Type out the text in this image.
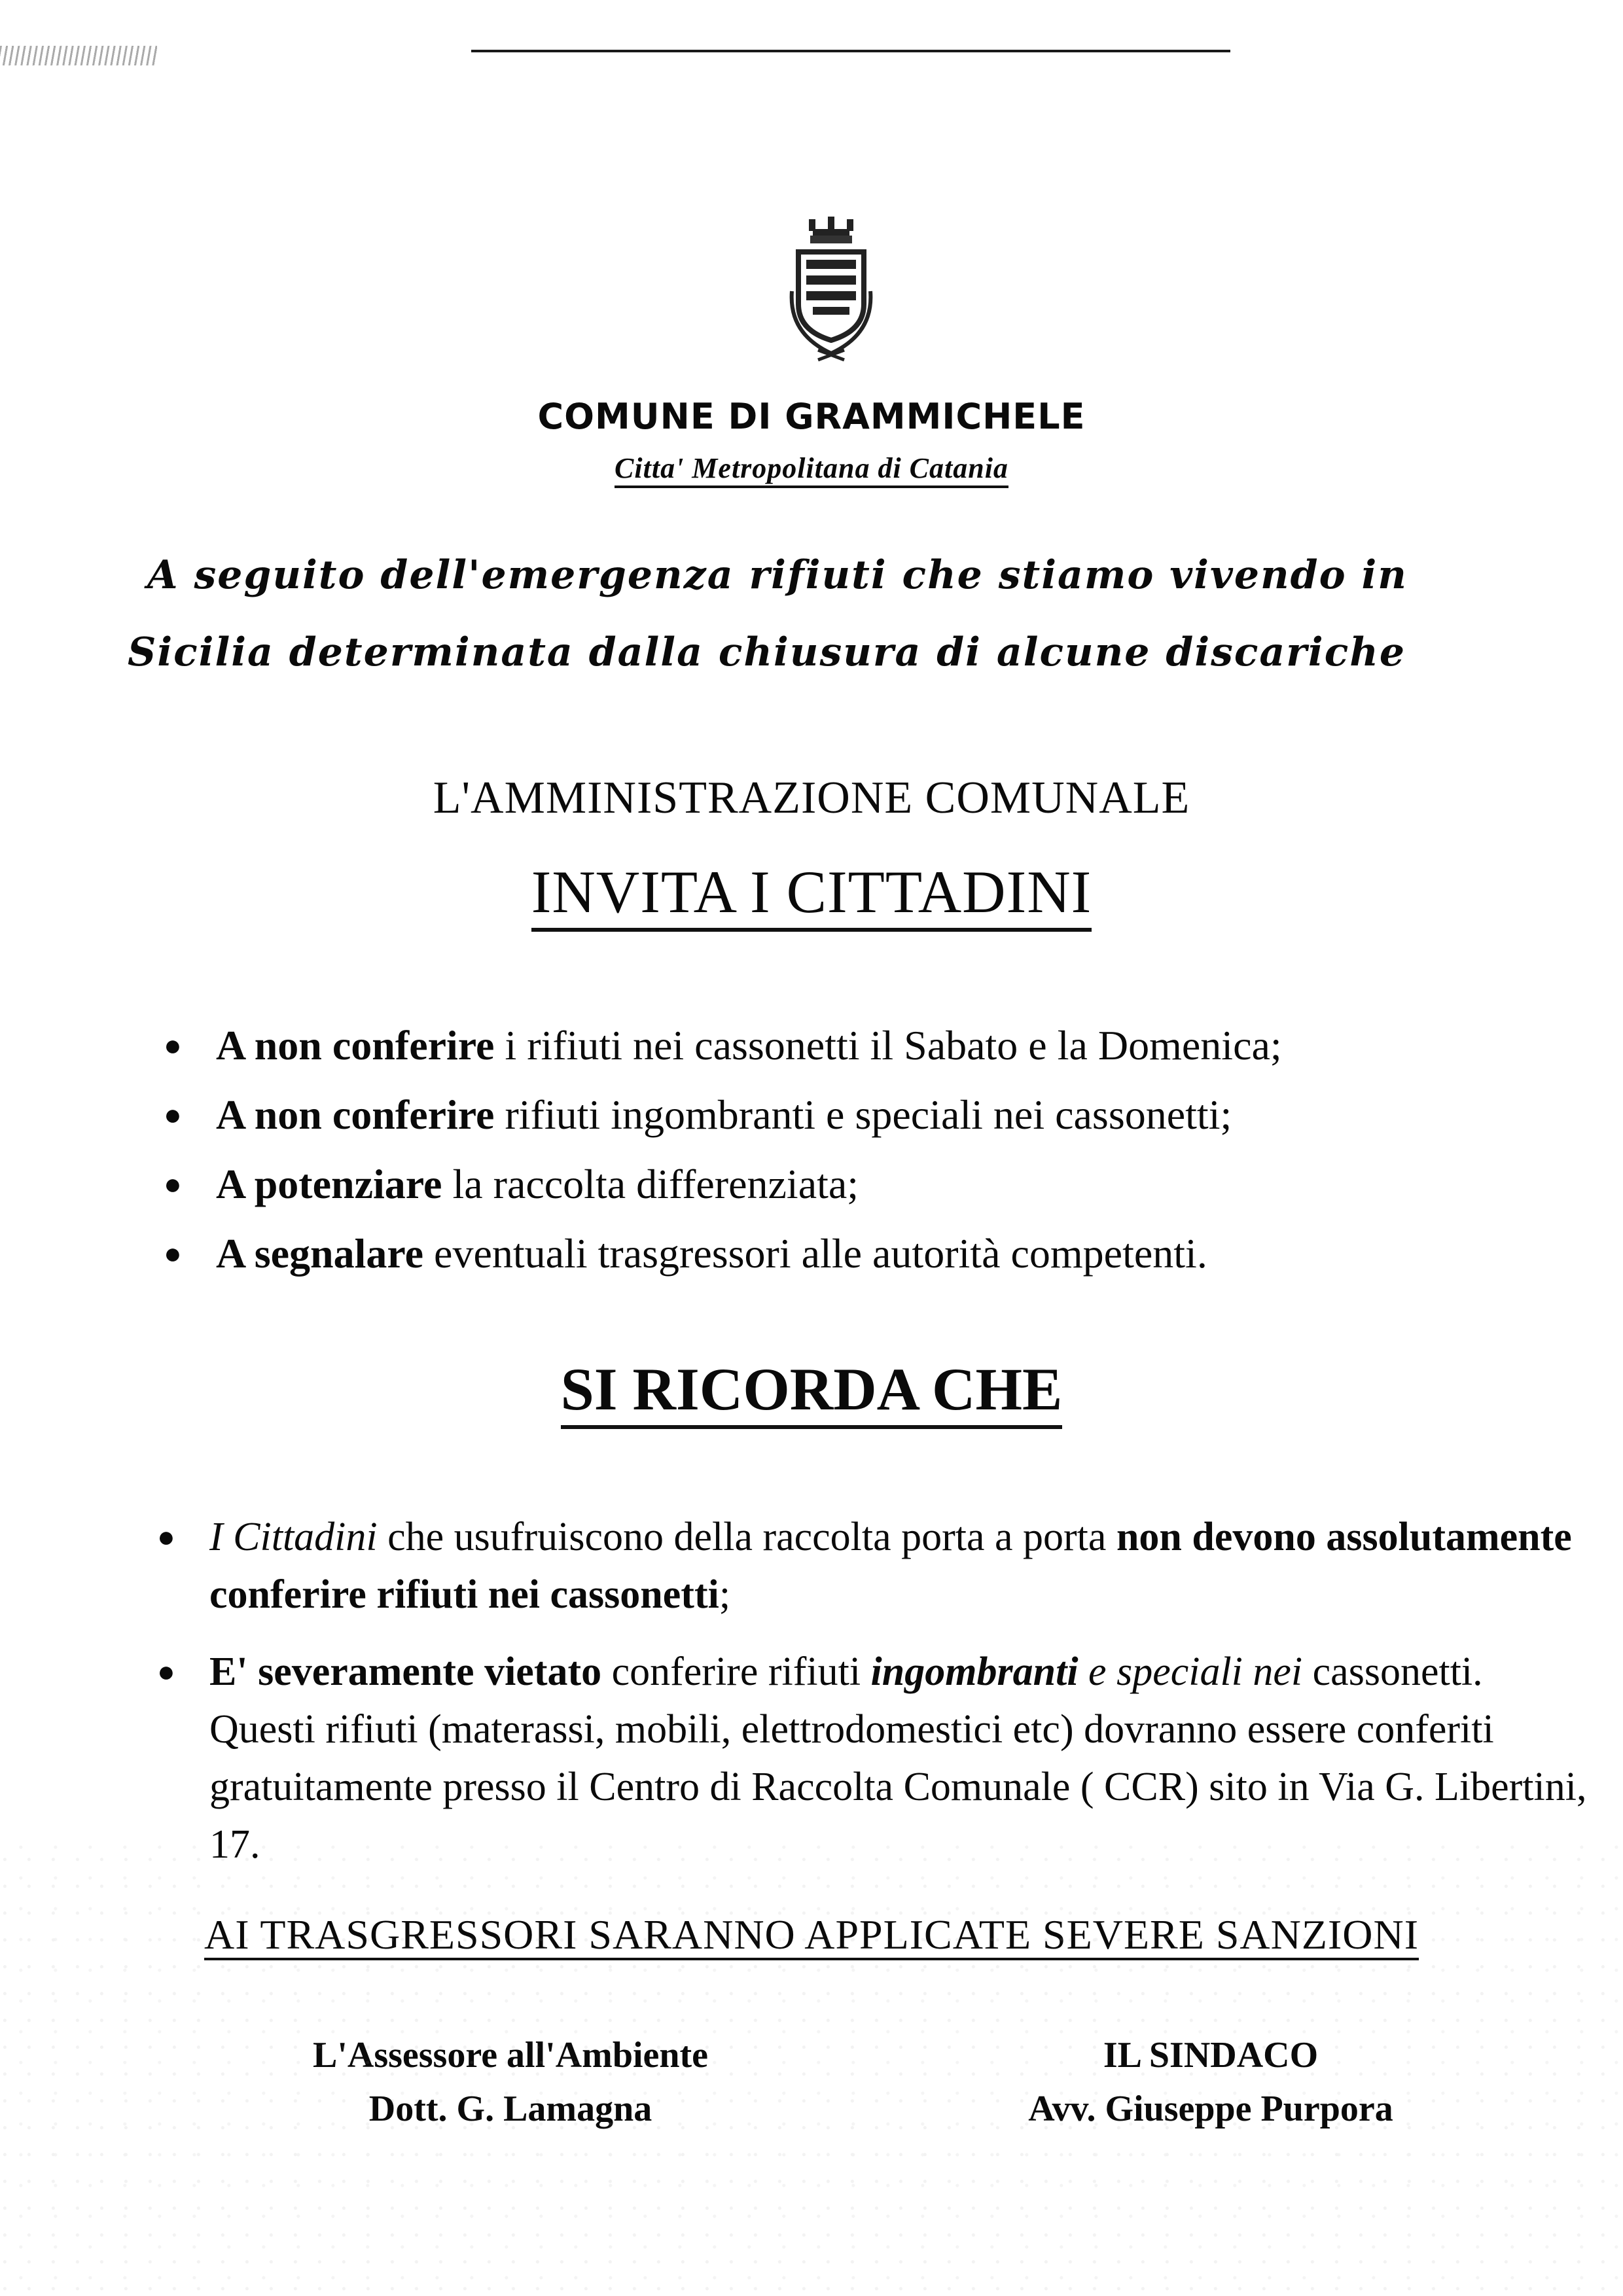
COMUNE DI GRAMMICHELE
Citta' Metropolitana di Catania

A seguito dell'emergenza rifiuti che stiamo vivendo in

Sicilia determinata dalla chiusura di alcune discariche

L'AMMINISTRAZIONE COMUNALE
INVITA I CITTADINI
● A non conferire i rifiuti nei cassonetti il Sabato e la Domenica;
● A non conferire rifiuti ingombranti e speciali nei cassonetti;
● A potenziare la raccolta differenziata;
● A segnalare eventuali trasgressori alle autorità competenti.
SI RICORDA CHE
● I Cittadini che usufruiscono della raccolta porta a porta non devono assolutamente conferire rifiuti nei cassonetti;
● E' severamente vietato conferire rifiuti ingombranti e speciali nei cassonetti. Questi rifiuti (materassi, mobili, elettrodomestici etc) dovranno essere conferiti gratuitamente presso il Centro di Raccolta Comunale ( CCR) sito in Via G. Libertini, 17.
AI TRASGRESSORI SARANNO APPLICATE SEVERE SANZIONI

L'Assessore all'Ambiente

Dott. G. Lamagna

IL SINDACO

Avv. Giuseppe Purpora
